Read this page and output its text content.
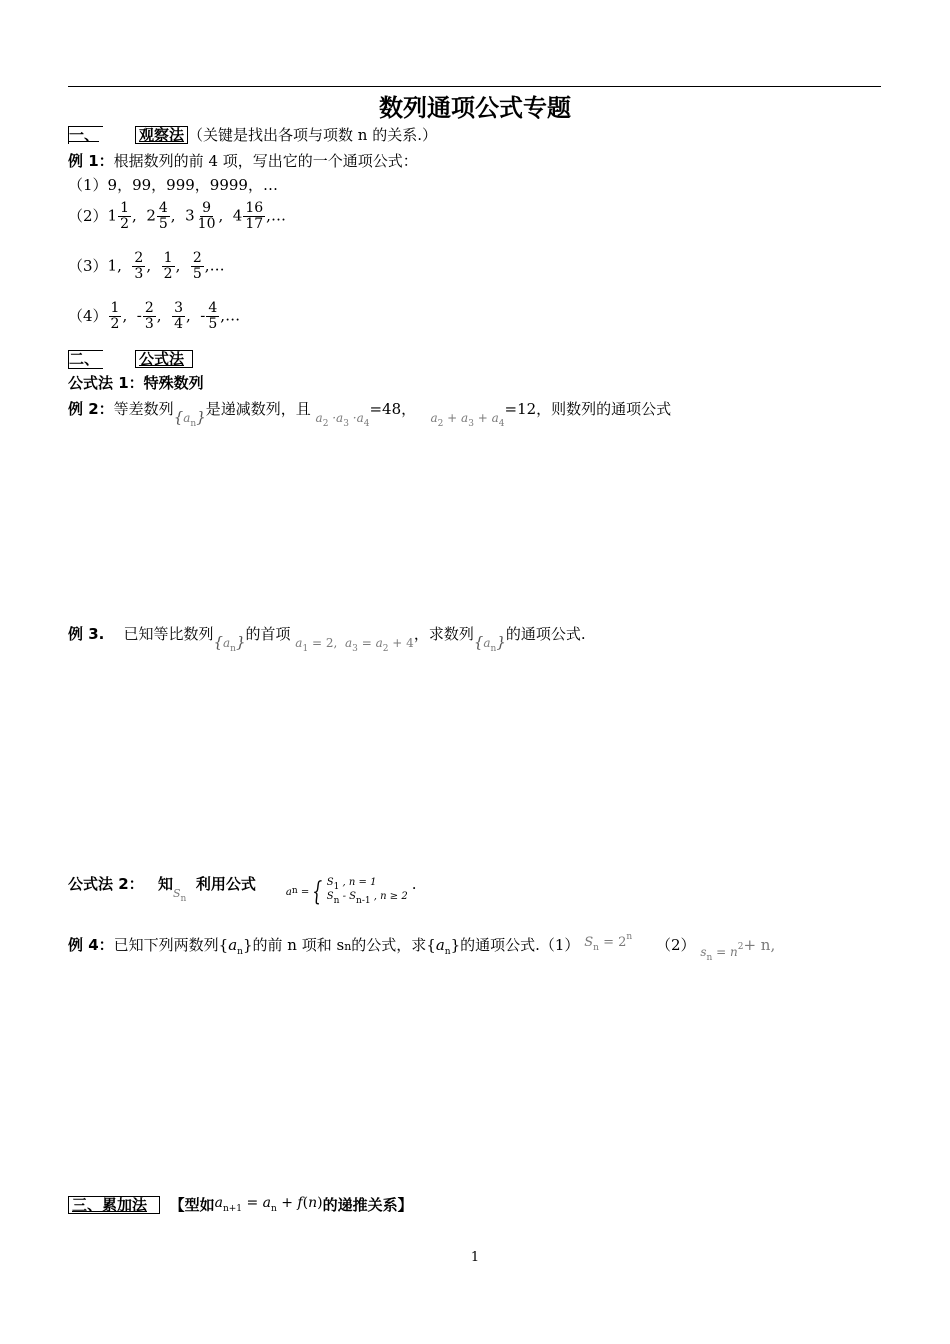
数列通项公式专题
一、	观察法 （关键是找出各项与项数 n 的关系.）
例 1：根据数列的前 4 项，写出它的一个通项公式：
（1）9，99，999，9999，…
（2） $1 \frac{1}{2}$ ,  $2 \frac{4}{5}$ ,  $3 \frac{9}{10}$ ,  $4 \frac{16}{17}$ ,…
（3） 1, $\frac{2}{3}$ , $\frac{1}{2}$ , $\frac{2}{5}$ ,…
$(4) \frac{1}{2}$ ,  - $\frac{2}{3}$ , $\frac{3}{4}$ ,  - $\frac{4}{5}$ ,…
二、	公式法
公式法 1：特殊数列
例 2：等差数列$_{\{a_n\}}$是递减数列，且 $_{a_2 \cdot a_3 \cdot a_4}$=48， $_{a_2 + a_3 + a_4}$=12，则数列的通项公式
例 3. 已知等比数列$_{\{a_n\}}$的首项 $_{a_1 = 2, a_3 = a_2 + 4}$，求数列$_{\{a_n\}}$的通项公式.
公式法 2：
知
$S_n$

利用公式	a n = { S1 , n = 1
Sn - Sn-1 , n ≥ 2
.
例 4：已知下列两数列$\{a_n\}$的前 n 项和 sn的公式，求$\{a_n\}$的通项公式.（1） $S_n = 2^n$ （2） $_{s_n = n^2}$+ n,
三、累加法
	【型如 $a_{n+1} = a_n + f(n)$ 的递推关系】
1
